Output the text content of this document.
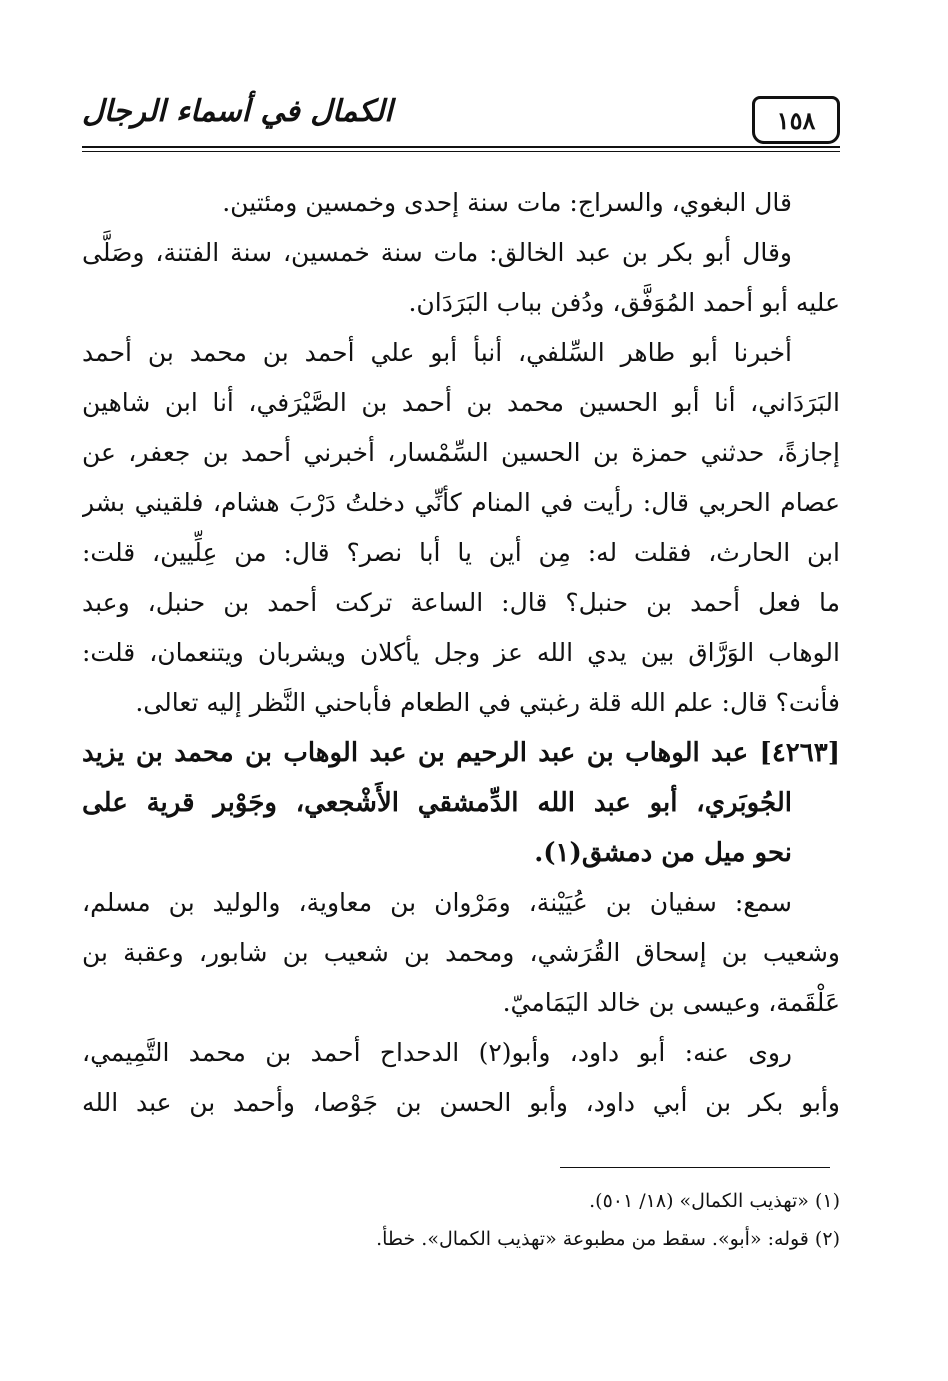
١٥٨
الكمال في أسماء الرجال
قال البغوي، والسراج: مات سنة إحدى وخمسين ومئتين.
وقال أبو بكر بن عبد الخالق: مات سنة خمسين، سنة الفتنة، وصَلَّى
عليه أبو أحمد المُوَفَّق، ودُفن بباب البَرَدَان.
أخبرنا أبو طاهر السِّلفي، أنبأ أبو علي أحمد بن محمد بن أحمد
البَرَدَاني، أنا أبو الحسين محمد بن أحمد بن الصَّيْرَفي، أنا ابن شاهين
إجازةً، حدثني حمزة بن الحسين السِّمْسار، أخبرني أحمد بن جعفر، عن
عصام الحربي قال: رأيت في المنام كأنِّي دخلتُ دَرْبَ هشام، فلقيني بشر
ابن الحارث، فقلت له: مِن أين يا أبا نصر؟ قال: من عِلِّيين، قلت:
ما فعل أحمد بن حنبل؟ قال: الساعة تركت أحمد بن حنبل، وعبد
الوهاب الوَرَّاق بين يدي الله عز وجل يأكلان ويشربان ويتنعمان، قلت:
فأنت؟ قال: علم الله قلة رغبتي في الطعام فأباحني النَّظر إليه تعالى.
[٤٢٦٣] عبد الوهاب بن عبد الرحيم بن عبد الوهاب بن محمد بن يزيد
الجُوبَري، أبو عبد الله الدِّمشقي الأَشْجعي، وجَوْبر قرية على
نحو ميل من دمشق(١).
سمع: سفيان بن عُيَيْنة، ومَرْوان بن معاوية، والوليد بن مسلم،
وشعيب بن إسحاق القُرَشي، ومحمد بن شعيب بن شابور، وعقبة بن
عَلْقَمة، وعيسى بن خالد اليَمَاميّ.
روى عنه: أبو داود، وأبو(٢) الدحداح أحمد بن محمد التَّمِيمي،
وأبو بكر بن أبي داود، وأبو الحسن بن جَوْصا، وأحمد بن عبد الله
(١) «تهذيب الكمال» (١٨/ ٥٠١).
(٢) قوله: «أبو». سقط من مطبوعة «تهذيب الكمال». خطأ.
